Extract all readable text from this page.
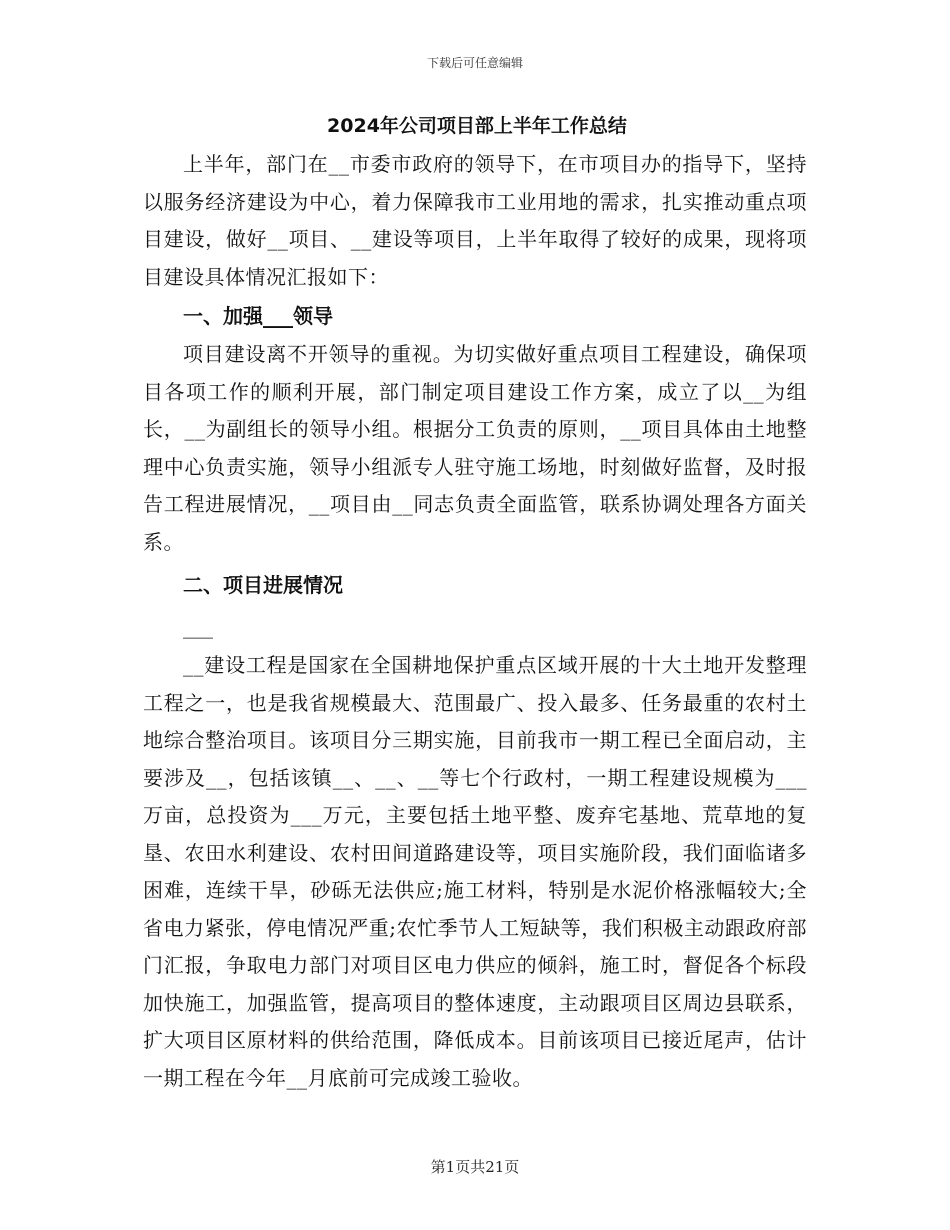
下载后可任意编辑
2024年公司项目部上半年工作总结

上半年，部门在__市委市政府的领导下，在市项目办的指导下，坚持以服务经济建设为中心，着力保障我市工业用地的需求，扎实推动重点项目建设，做好__项目、__建设等项目，上半年取得了较好的成果，现将项目建设具体情况汇报如下：

一、加强___领导

项目建设离不开领导的重视。为切实做好重点项目工程建设，确保项目各项工作的顺利开展，部门制定项目建设工作方案，成立了以__为组长，__为副组长的领导小组。根据分工负责的原则，__项目具体由土地整理中心负责实施，领导小组派专人驻守施工场地，时刻做好监督，及时报告工程进展情况，__项目由__同志负责全面监管，联系协调处理各方面关系。

二、项目进展情况
___

__建设工程是国家在全国耕地保护重点区域开展的十大土地开发整理工程之一，也是我省规模最大、范围最广、投入最多、任务最重的农村土地综合整治项目。该项目分三期实施，目前我市一期工程已全面启动，主要涉及__，包括该镇__、__、__等七个行政村，一期工程建设规模为___万亩，总投资为___万元，主要包括土地平整、废弃宅基地、荒草地的复垦、农田水利建设、农村田间道路建设等，项目实施阶段，我们面临诸多困难，连续干旱，砂砾无法供应;施工材料，特别是水泥价格涨幅较大;全省电力紧张，停电情况严重;农忙季节人工短缺等，我们积极主动跟政府部门汇报，争取电力部门对项目区电力供应的倾斜，施工时，督促各个标段加快施工，加强监管，提高项目的整体速度，主动跟项目区周边县联系，扩大项目区原材料的供给范围，降低成本。目前该项目已接近尾声，估计一期工程在今年__月底前可完成竣工验收。

第1页共21页
